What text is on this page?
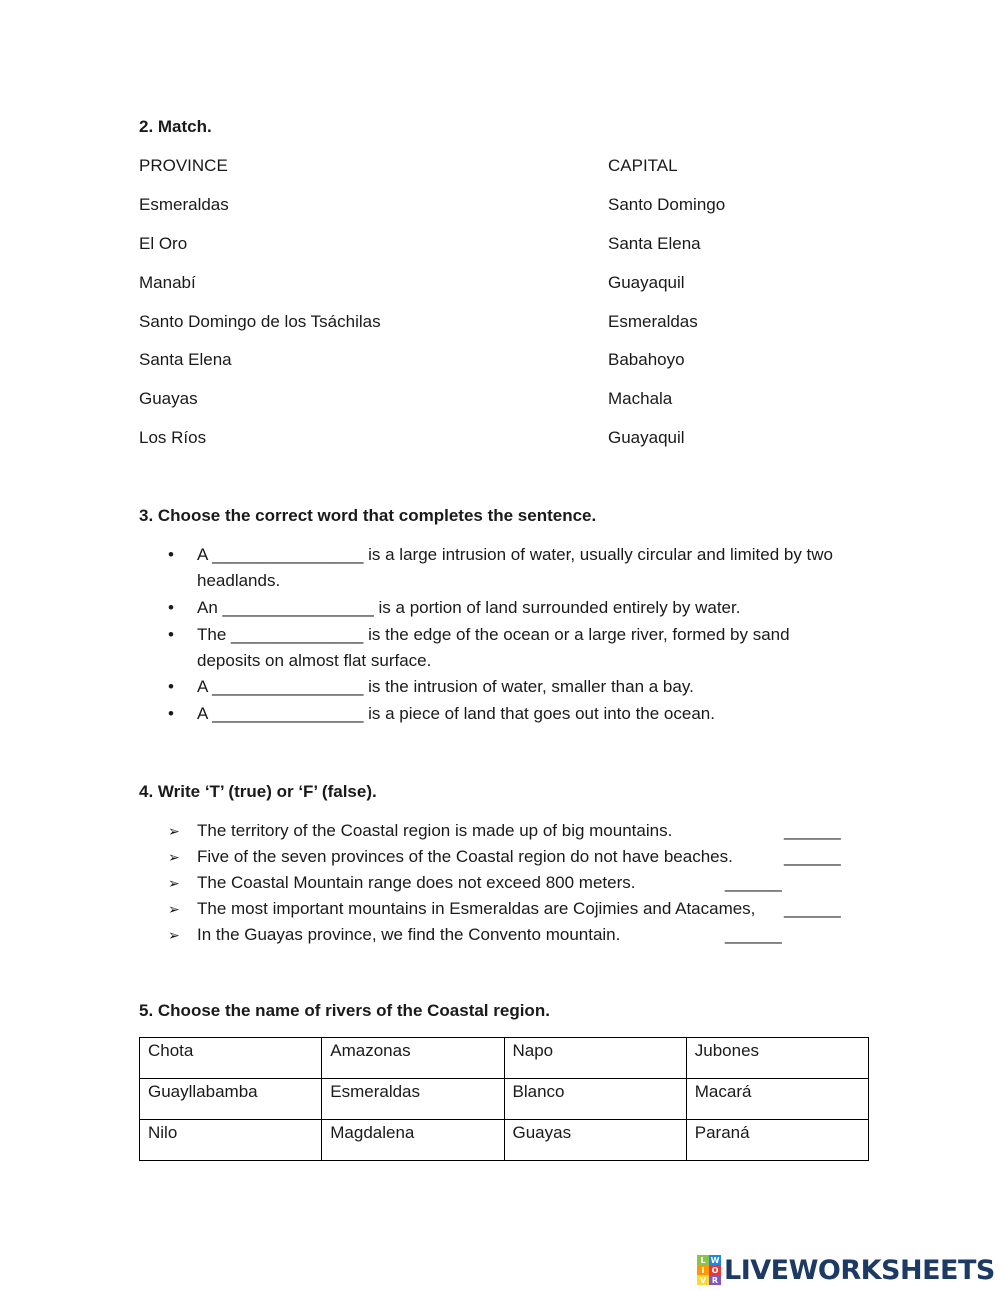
2. Match.
PROVINCE	CAPITAL
Esmeraldas	Santo Domingo
El Oro	Santa Elena
Manabí	Guayaquil
Santo Domingo de los Tsáchilas	Esmeraldas
Santa Elena	Babahoyo
Guayas	Machala
Los Ríos	Guayaquil
3. Choose the correct word that completes the sentence.
• A ________________ is a large intrusion of water, usually circular and limited by two headlands.
• An ________________ is a portion of land surrounded entirely by water.
• The ______________ is the edge of the ocean or a large river, formed by sand deposits on almost flat surface.
• A ________________ is the intrusion of water, smaller than a bay.
• A ________________ is a piece of land that goes out into the ocean.
4. Write ‘T’ (true) or ‘F’ (false).
➢ The territory of the Coastal region is made up of big mountains.	______
➢ Five of the seven provinces of the Coastal region do not have beaches.	______
➢ The Coastal Mountain range does not exceed 800 meters.	______
➢ The most important mountains in Esmeraldas are Cojimies and Atacames, ______
➢ In the Guayas province, we find the Convento mountain.	______
5. Choose the name of rivers of the Coastal region.
Chota	Amazonas	Napo	Jubones
Guayllabamba	Esmeraldas	Blanco	Macará
Nilo	Magdalena	Guayas	Paraná
L W
I O
V R LIVEWORKSHEETS
